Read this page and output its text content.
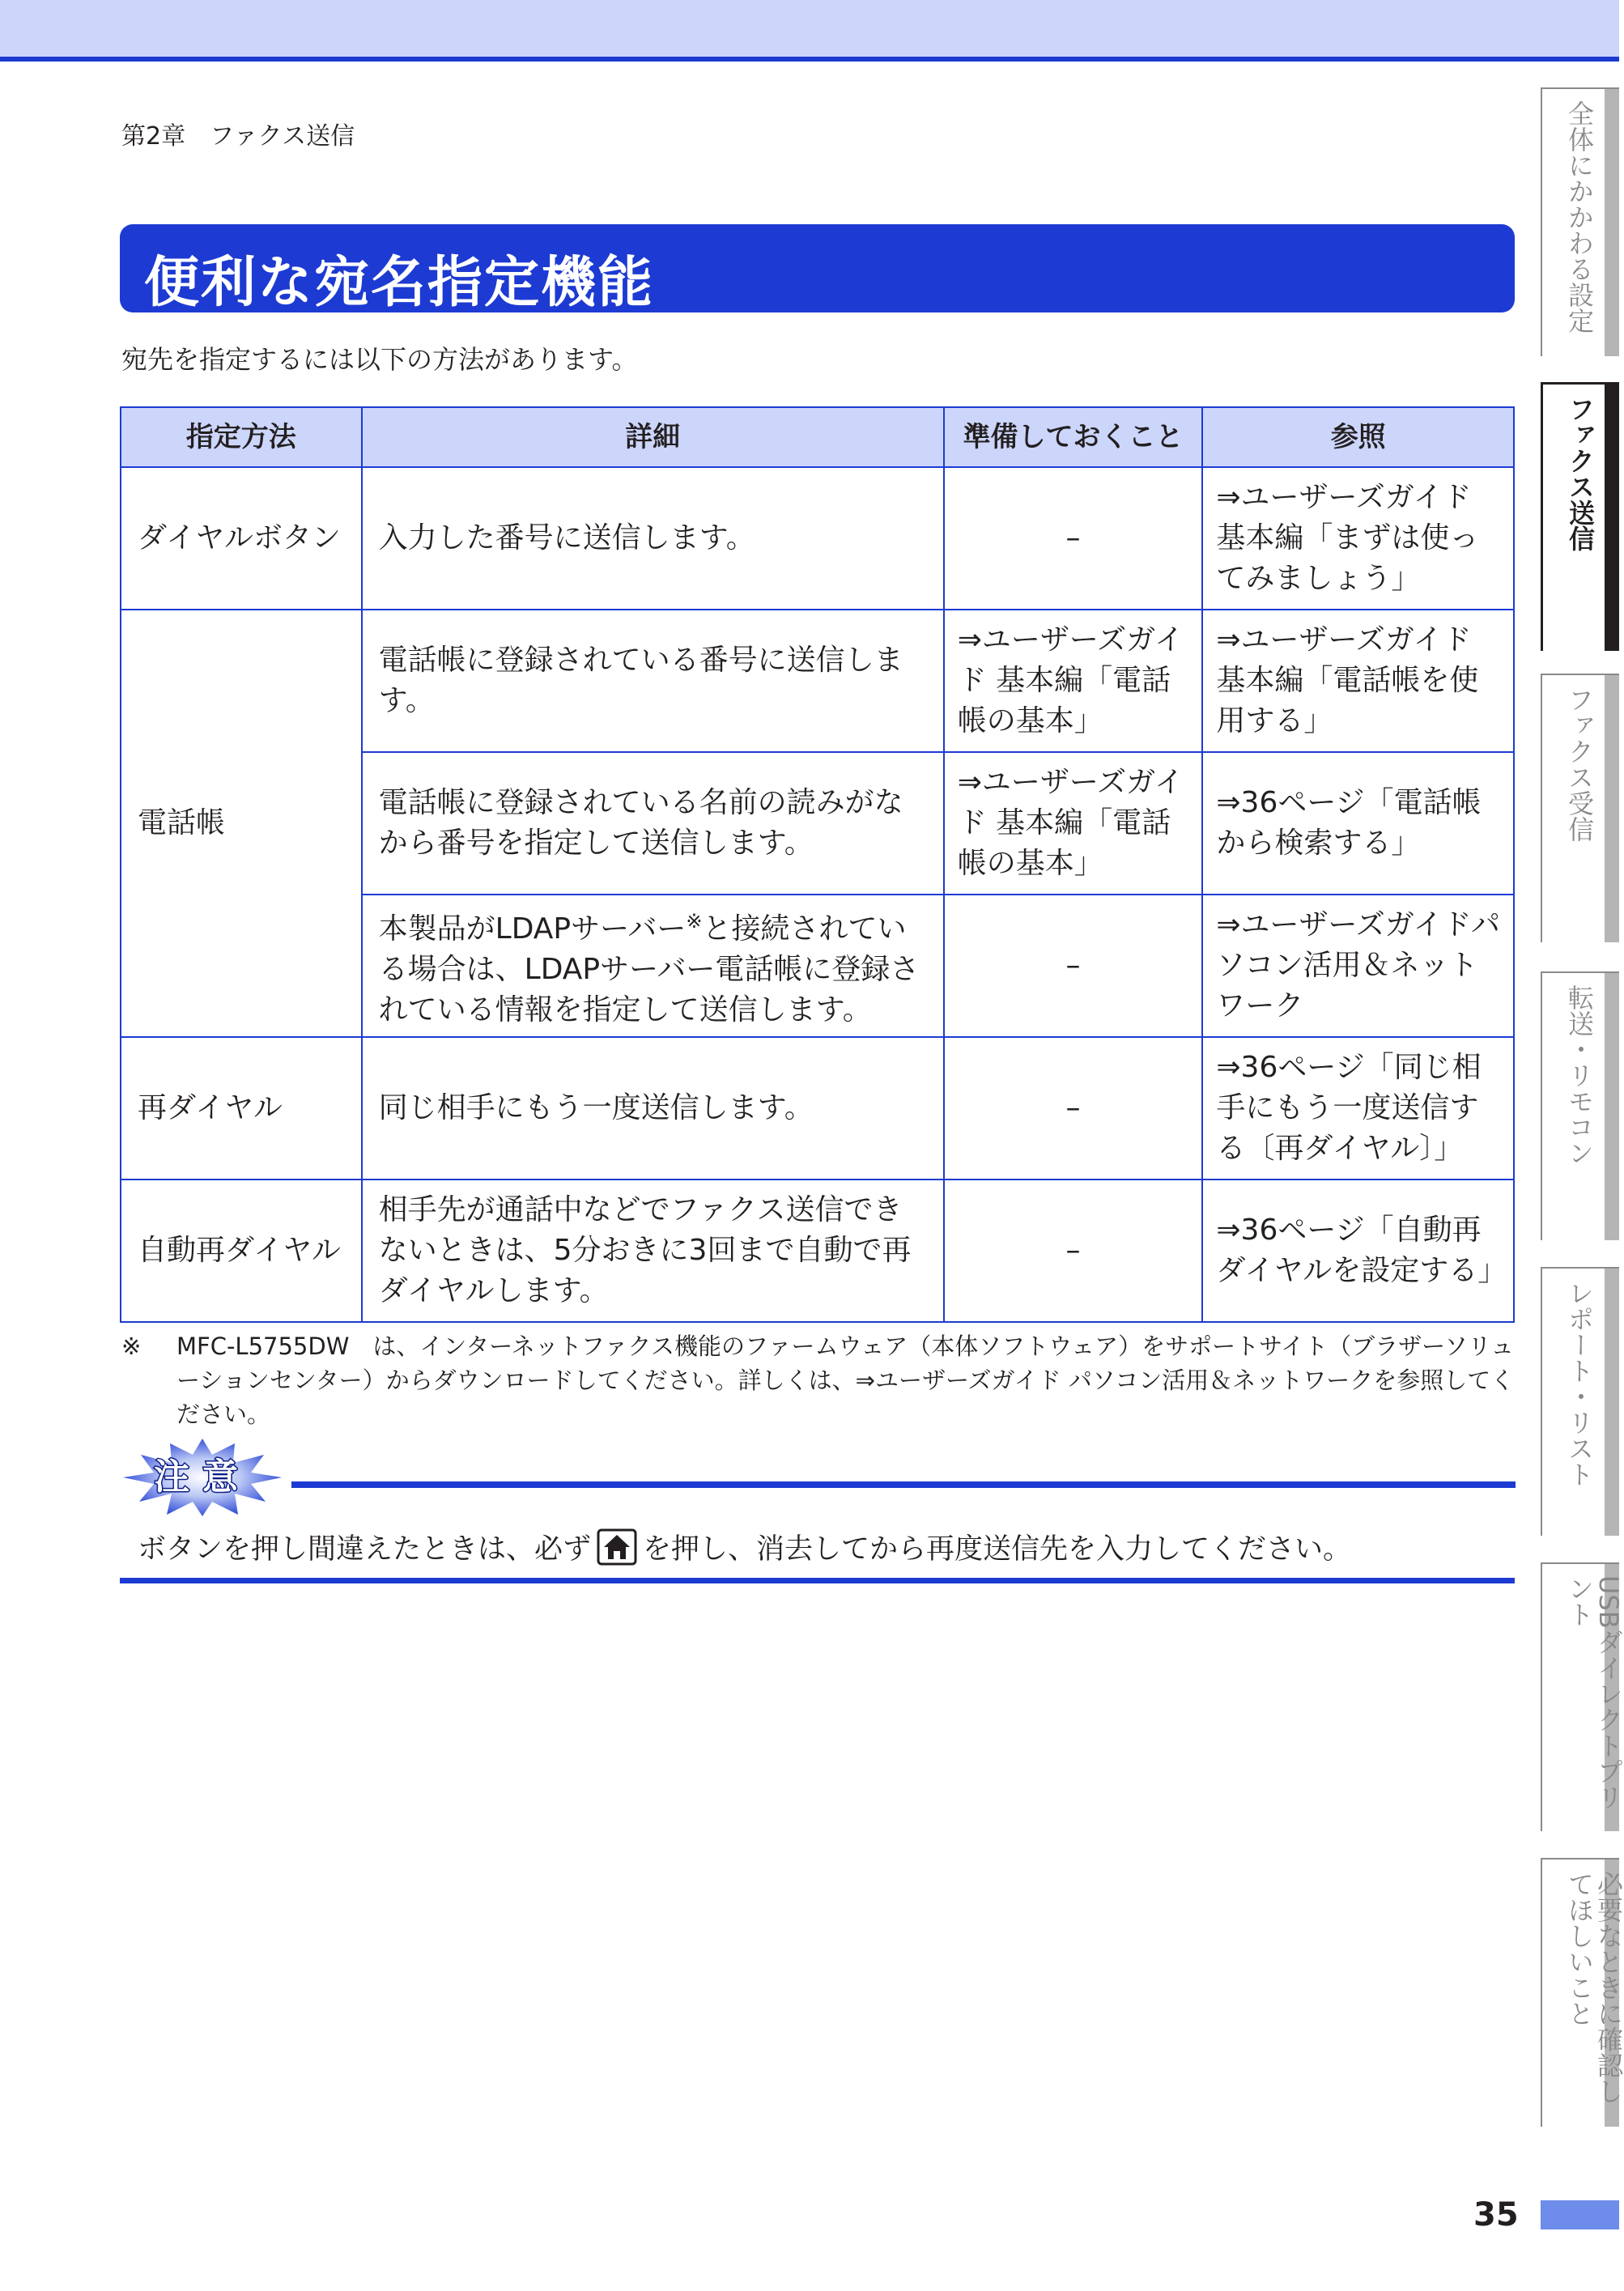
第2章　ファクス送信
便利な宛名指定機能
宛先を指定するには以下の方法があります。
指定方法	詳細	準備しておくこと	参照
ダイヤルボタン	入力した番号に送信します。	–	⇒ユーザーズガイド基本編「まずは使ってみましょう」
電話帳	電話帳に登録されている番号に送信します。	⇒ユーザーズガイド 基本編「電話帳の基本」	⇒ユーザーズガイド基本編「電話帳を使用する」
	電話帳に登録されている名前の読みがなから番号を指定して送信します。	⇒ユーザーズガイド 基本編「電話帳の基本」	⇒36ページ「電話帳から検索する」
	本製品がLDAPサーバー※と接続されている場合は、LDAPサーバー電話帳に登録されている情報を指定して送信します。	–	⇒ユーザーズガイドパソコン活用＆ネットワーク
再ダイヤル	同じ相手にもう一度送信します。	–	⇒36ページ「同じ相手にもう一度送信する〔再ダイヤル〕」
自動再ダイヤル	相手先が通話中などでファクス送信できないときは、5分おきに3回まで自動で再ダイヤルします。	–	⇒36ページ「自動再ダイヤルを設定する」
※ MFC-L5755DW　は、インターネットファクス機能のファームウェア（本体ソフトウェア）をサポートサイト（ブラザーソリューションセンター）からダウンロードしてください。詳しくは、⇒ユーザーズガイド パソコン活用＆ネットワークを参照してください。
注意
ボタンを押し間違えたときは、必ず を押し、消去してから再度送信先を入力してください。
全体にかかわる設定
ファクス送信
ファクス受信
転送・リモコン
レポート・リスト
USBダイレクトプリント
必要なときに確認してほしいこと
35
